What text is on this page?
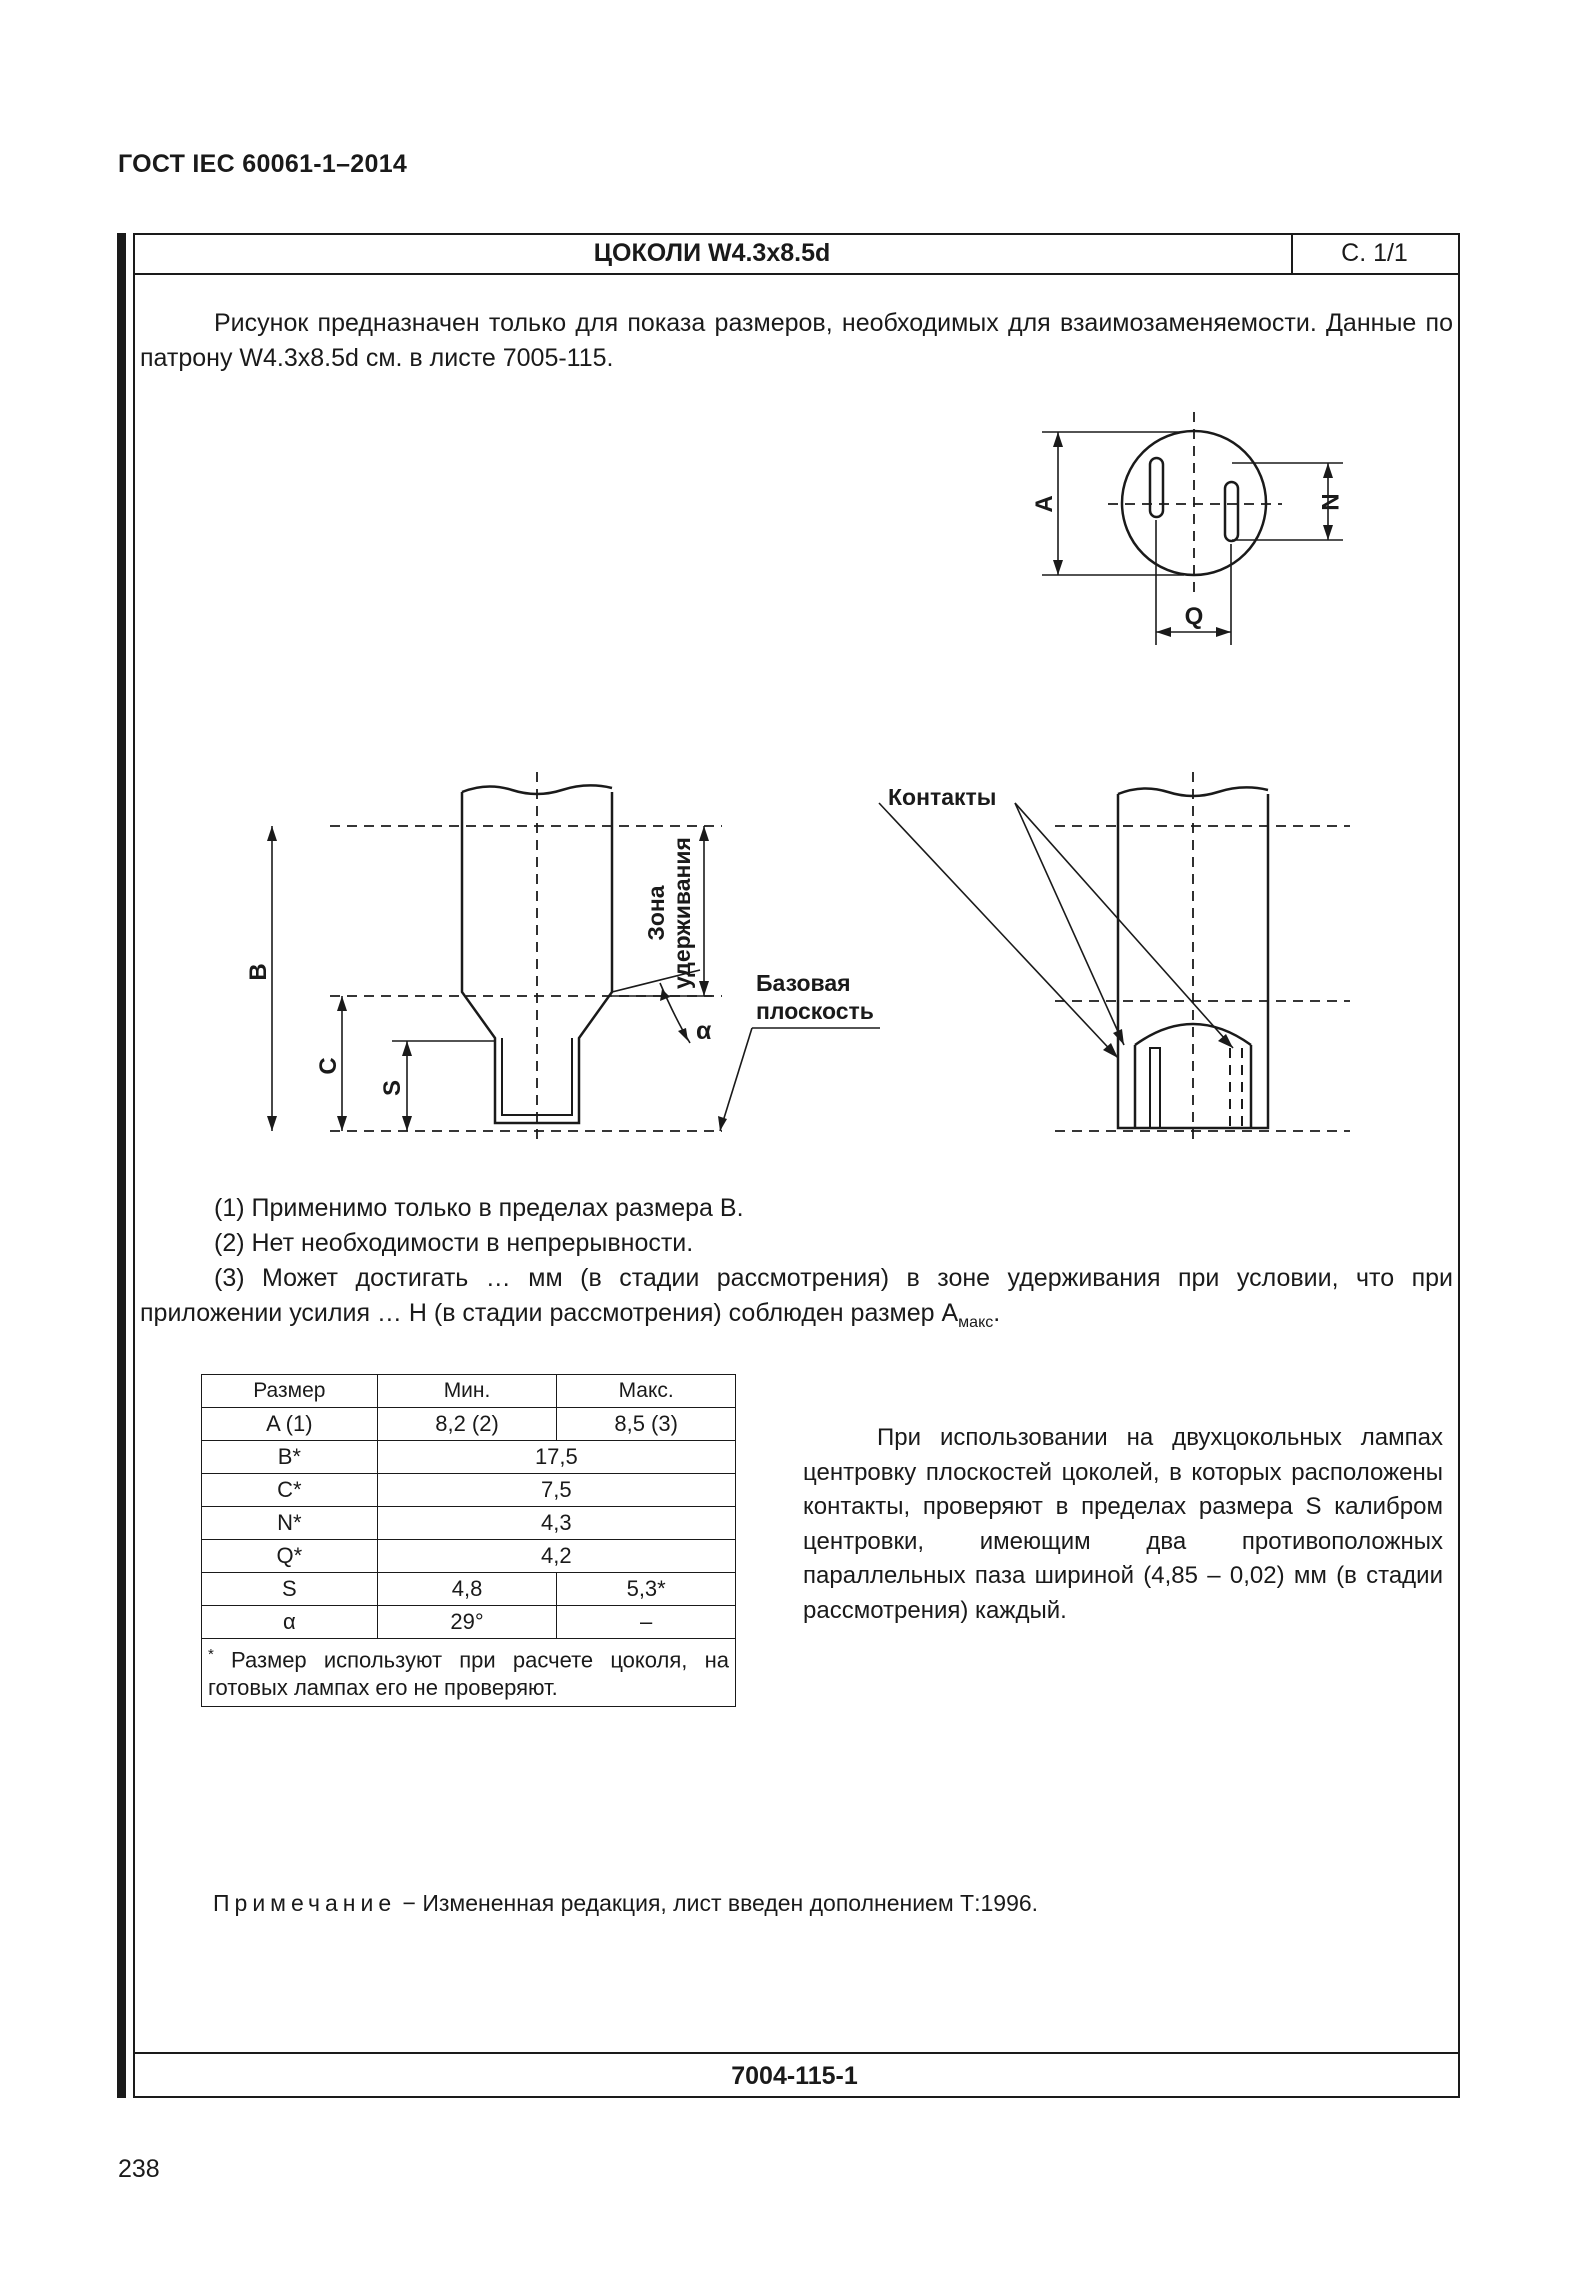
ГОСТ IEC 60061-1–2014
ЦОКОЛИ W4.3x8.5d	С. 1/1
Рисунок предназначен только для показа размеров, необходимых для взаимозаменяемости. Данные по патрону W4.3x8.5d см. в листе 7005-115.
A	N
Q
B
C
S
Зона удерживания
α
Контакты
Базовая
плоскость

(1) Применимо только в пределах размера B.

(2) Нет необходимости в непрерывности.

(3) Может достигать … мм (в стадии рассмотрения) в зоне удерживания при условии, что при приложении усилия … Н (в стадии рассмотрения) соблюден размер $A_{макс}$.

Размер	Мин.	Макс.
A (1)	8,2 (2)	8,5 (3)
B*	17,5	
C*	7,5	
N*	4,3	
Q*	4,2	
S	4,8	5,3*
α	29°	–
* Размер используют при расчете цоколя, на готовых лампах его не проверяют.		
При использовании на двухцокольных лампах центровку плоскостей цоколей, в которых расположены контакты, проверяют в пределах размера S калибром центровки, имеющим два противоположных параллельных паза шириной (4,85 – 0,02) мм (в стадии рассмотрения) каждый.
Примечание − Измененная редакция, лист введен дополнением Т:1996.
7004-115-1
238
